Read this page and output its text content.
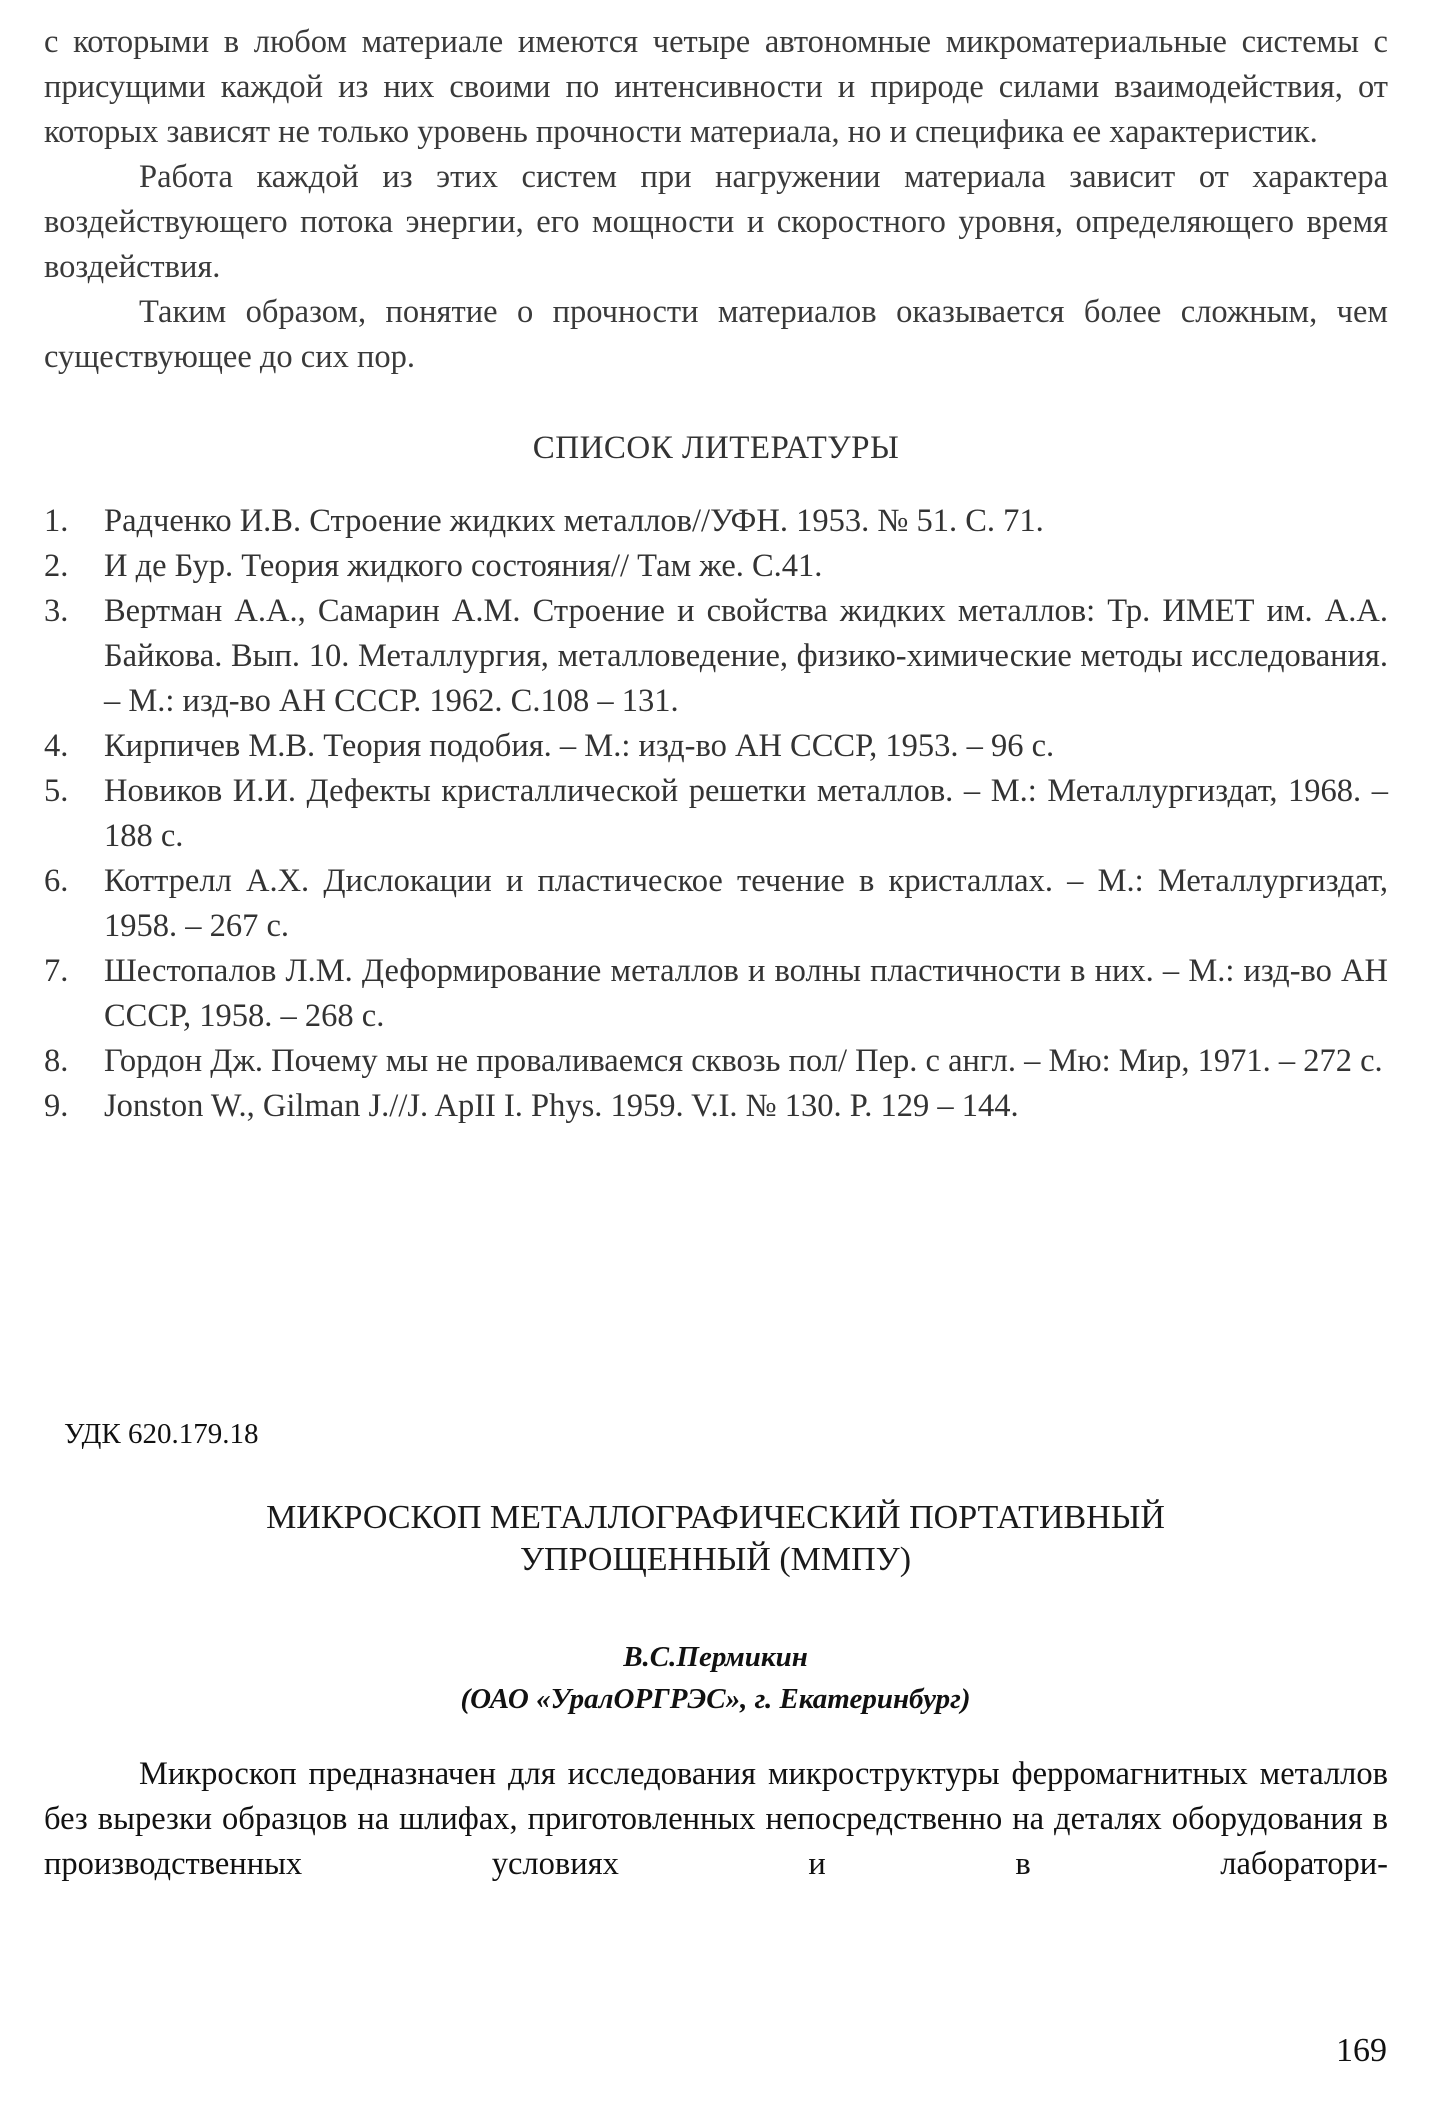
с которыми в любом материале имеются четыре автономные микроматериальные системы с присущими каждой из них своими по интенсивности и природе силами взаимодействия, от которых зависят не только уровень прочности материала, но и специфика ее характеристик.

Работа каждой из этих систем при нагружении материала зависит от характера воздействующего потока энергии, его мощности и скоростного уровня, определяющего время воздействия.

Таким образом, понятие о прочности материалов оказывается более сложным, чем существующее до сих пор.

СПИСОК ЛИТЕРАТУРЫ
1. Радченко И.В. Строение жидких металлов//УФН. 1953. № 51. С. 71.
2. И де Бур. Теория жидкого состояния// Там же. С.41.
3. Вертман А.А., Самарин А.М. Строение и свойства жидких металлов: Тр. ИМЕТ им. А.А. Байкова. Вып. 10. Металлургия, металловедение, физико-химические методы исследования. – М.: изд-во АН СССР. 1962. С.108 – 131.
4. Кирпичев М.В. Теория подобия. – М.: изд-во АН СССР, 1953. – 96 с.
5. Новиков И.И. Дефекты кристаллической решетки металлов. – М.: Металлургиздат, 1968. – 188 с.
6. Коттрелл А.Х. Дислокации и пластическое течение в кристаллах. – М.: Металлургиздат, 1958. – 267 с.
7. Шестопалов Л.М. Деформирование металлов и волны пластичности в них. – М.: изд-во АН СССР, 1958. – 268 с.
8. Гордон Дж. Почему мы не проваливаемся сквозь пол/ Пер. с англ. – Мю: Мир, 1971. – 272 с.
9. Jonston W., Gilman J.//J. ApII I. Phys. 1959. V.I. № 130. P. 129 – 144.
УДК 620.179.18
МИКРОСКОП МЕТАЛЛОГРАФИЧЕСКИЙ ПОРТАТИВНЫЙ
УПРОЩЕННЫЙ (ММПУ)
В.С.Пермикин
(ОАО «УралОРГРЭС», г. Екатеринбург)

Микроскоп предназначен для исследования микроструктуры ферромагнитных металлов без вырезки образцов на шлифах, приготовленных непосредственно на деталях оборудования в производственных условиях и в лаборатори-

169
